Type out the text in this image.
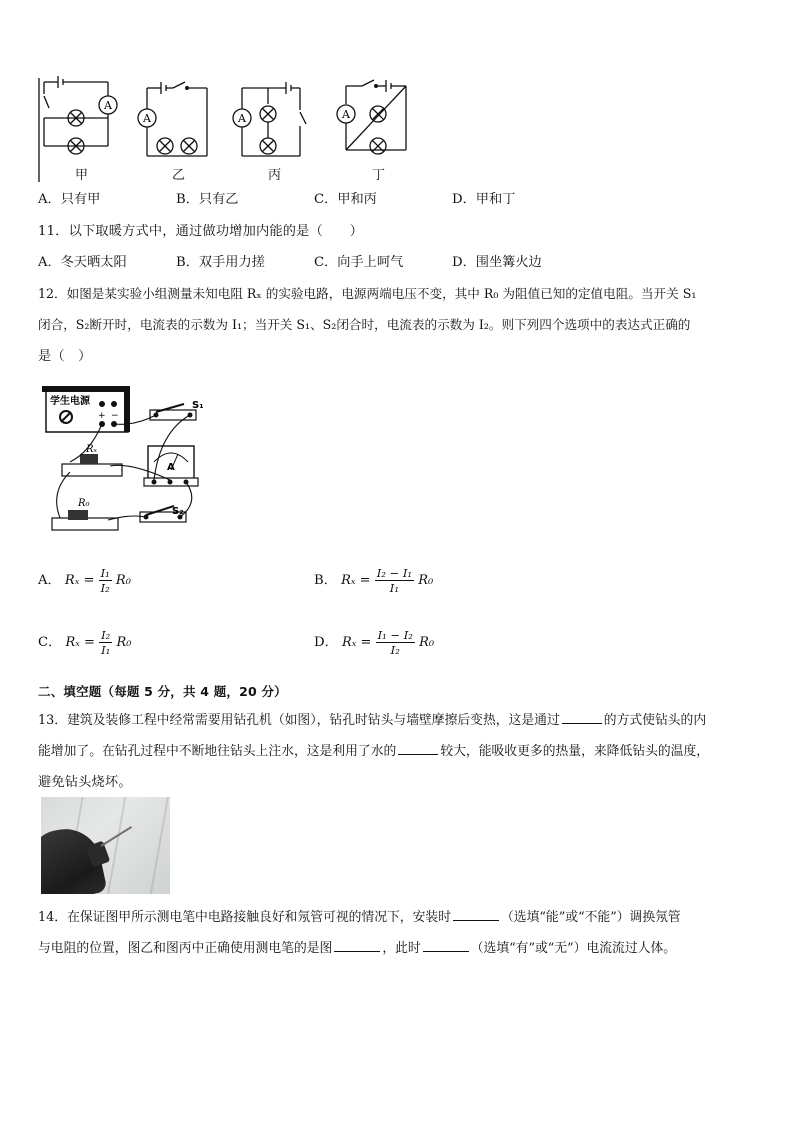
A
A	A	A
甲	乙	丙	丁
A．只有甲	B．只有乙	C．甲和丙	D．甲和丁
11．以下取暖方式中，通过做功增加内能的是（　　）
A．冬天晒太阳	B．双手用力搓	C．向手上呵气	D．围坐篝火边
12．如图是某实验小组测量未知电阻 Rₓ 的实验电路，电源两端电压不变，其中 R₀ 为阻值已知的定值电阻。当开关 S₁
闭合，S₂断开时，电流表的示数为 I₁；当开关 S₁、S₂闭合时，电流表的示数为 I₂。则下列四个选项中的表达式正确的
是（　）
学生电源
+ −
S₁
Rₓ
A
R₀
S₂
A． $R_x = \frac{\text{I₁}}{\text{I₂}} R_0$	B． $R_x = \frac{\text{I₂ − I₁}}{\text{I₁}} R_0$
C． $R_x = \frac{\text{I₂}}{\text{I₁}} R_0$	D． $R_x = \frac{\text{I₁ − I₂}}{\text{I₂}} R_0$
二、填空题（每题 5 分，共 4 题，20 分）
13．建筑及装修工程中经常需要用钻孔机（如图），钻孔时钻头与墙壁摩擦后变热，这是通过	的方式使钻头的内
能增加了。在钻孔过程中不断地往钻头上注水，这是利用了水的	较大，能吸收更多的热量，来降低钻头的温度，
避免钻头烧坏。
14．在保证图甲所示测电笔中电路接触良好和氖管可视的情况下，安装时	（选填“能”或“不能”）调换氖管
与电阻的位置，图乙和图丙中正确使用测电笔的是图	，此时	（选填“有”或“无”）电流流过人体。
